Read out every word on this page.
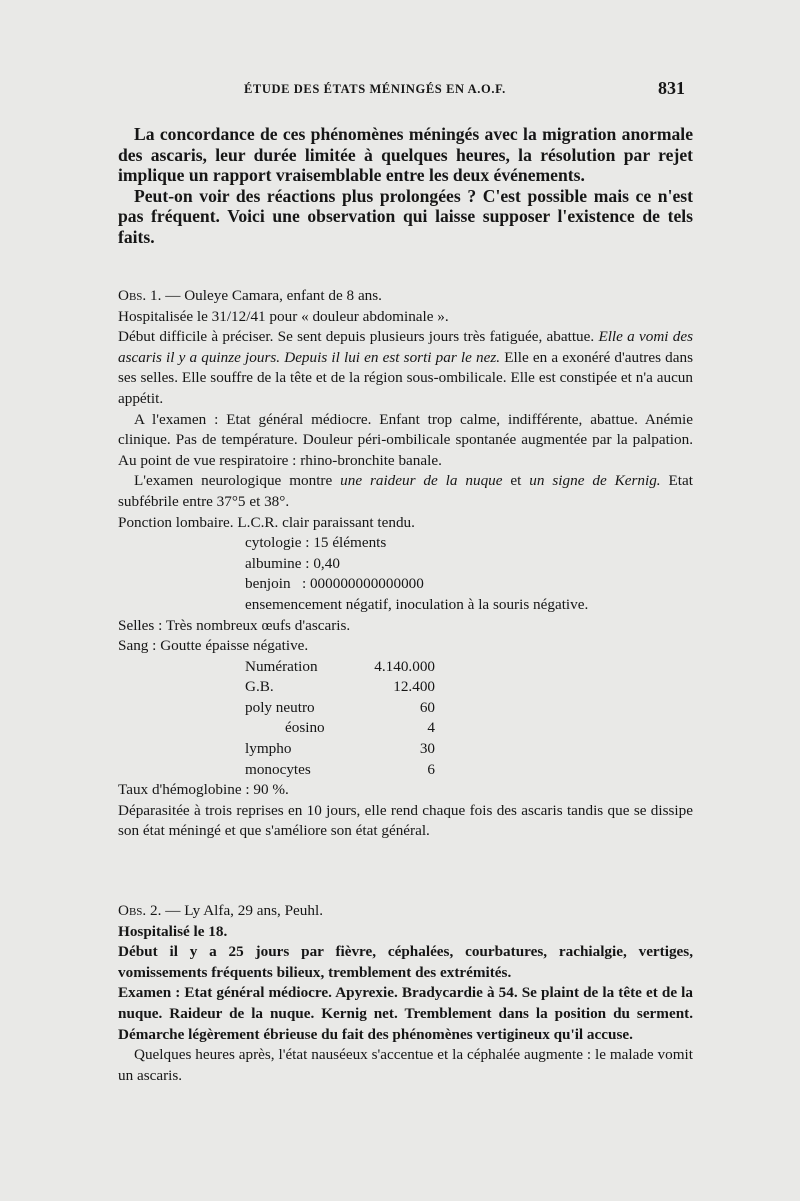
ÉTUDE DES ÉTATS MÉNINGÉS EN A.O.F.	831

La concordance de ces phénomènes méningés avec la migration anormale des ascaris, leur durée limitée à quelques heures, la résolution par rejet implique un rapport vraisemblable entre les deux événements.

Peut-on voir des réactions plus prolongées ? C'est possible mais ce n'est pas fréquent. Voici une observation qui laisse supposer l'existence de tels faits.

Obs. 1. — Ouleye Camara, enfant de 8 ans.

Hospitalisée le 31/12/41 pour « douleur abdominale ».

Début difficile à préciser. Se sent depuis plusieurs jours très fatiguée, abattue. Elle a vomi des ascaris il y a quinze jours. Depuis il lui en est sorti par le nez. Elle en a exonéré d'autres dans ses selles. Elle souffre de la tête et de la région sous-ombilicale. Elle est constipée et n'a aucun appétit.

A l'examen : Etat général médiocre. Enfant trop calme, indifférente, abattue. Anémie clinique. Pas de température. Douleur péri-ombilicale spontanée augmentée par la palpation. Au point de vue respiratoire : rhino-bronchite banale.

L'examen neurologique montre une raideur de la nuque et un signe de Kernig. Etat subfébrile entre 37°5 et 38°.

Ponction lombaire. L.C.R. clair paraissant tendu.

cytologie : 15 éléments
albumine : 0,40
benjoin   : 000000000000000
ensemencement négatif, inoculation à la souris négative.

Selles : Très nombreux œufs d'ascaris.

Sang : Goutte épaisse négative.

Numération	4.140.000
G.B.	12.400
poly neutro	60
éosino	4
lympho	30
monocytes	6

Taux d'hémoglobine : 90 %.

Déparasitée à trois reprises en 10 jours, elle rend chaque fois des ascaris tandis que se dissipe son état méningé et que s'améliore son état général.

Obs. 2. — Ly Alfa, 29 ans, Peuhl.

Hospitalisé le 18.

Début il y a 25 jours par fièvre, céphalées, courbatures, rachialgie, vertiges, vomissements fréquents bilieux, tremblement des extrémités.

Examen : Etat général médiocre. Apyrexie. Bradycardie à 54. Se plaint de la tête et de la nuque. Raideur de la nuque. Kernig net. Tremblement dans la position du serment. Démarche légèrement ébrieuse du fait des phénomènes vertigineux qu'il accuse.

Quelques heures après, l'état nauséeux s'accentue et la céphalée augmente : le malade vomit un ascaris.
